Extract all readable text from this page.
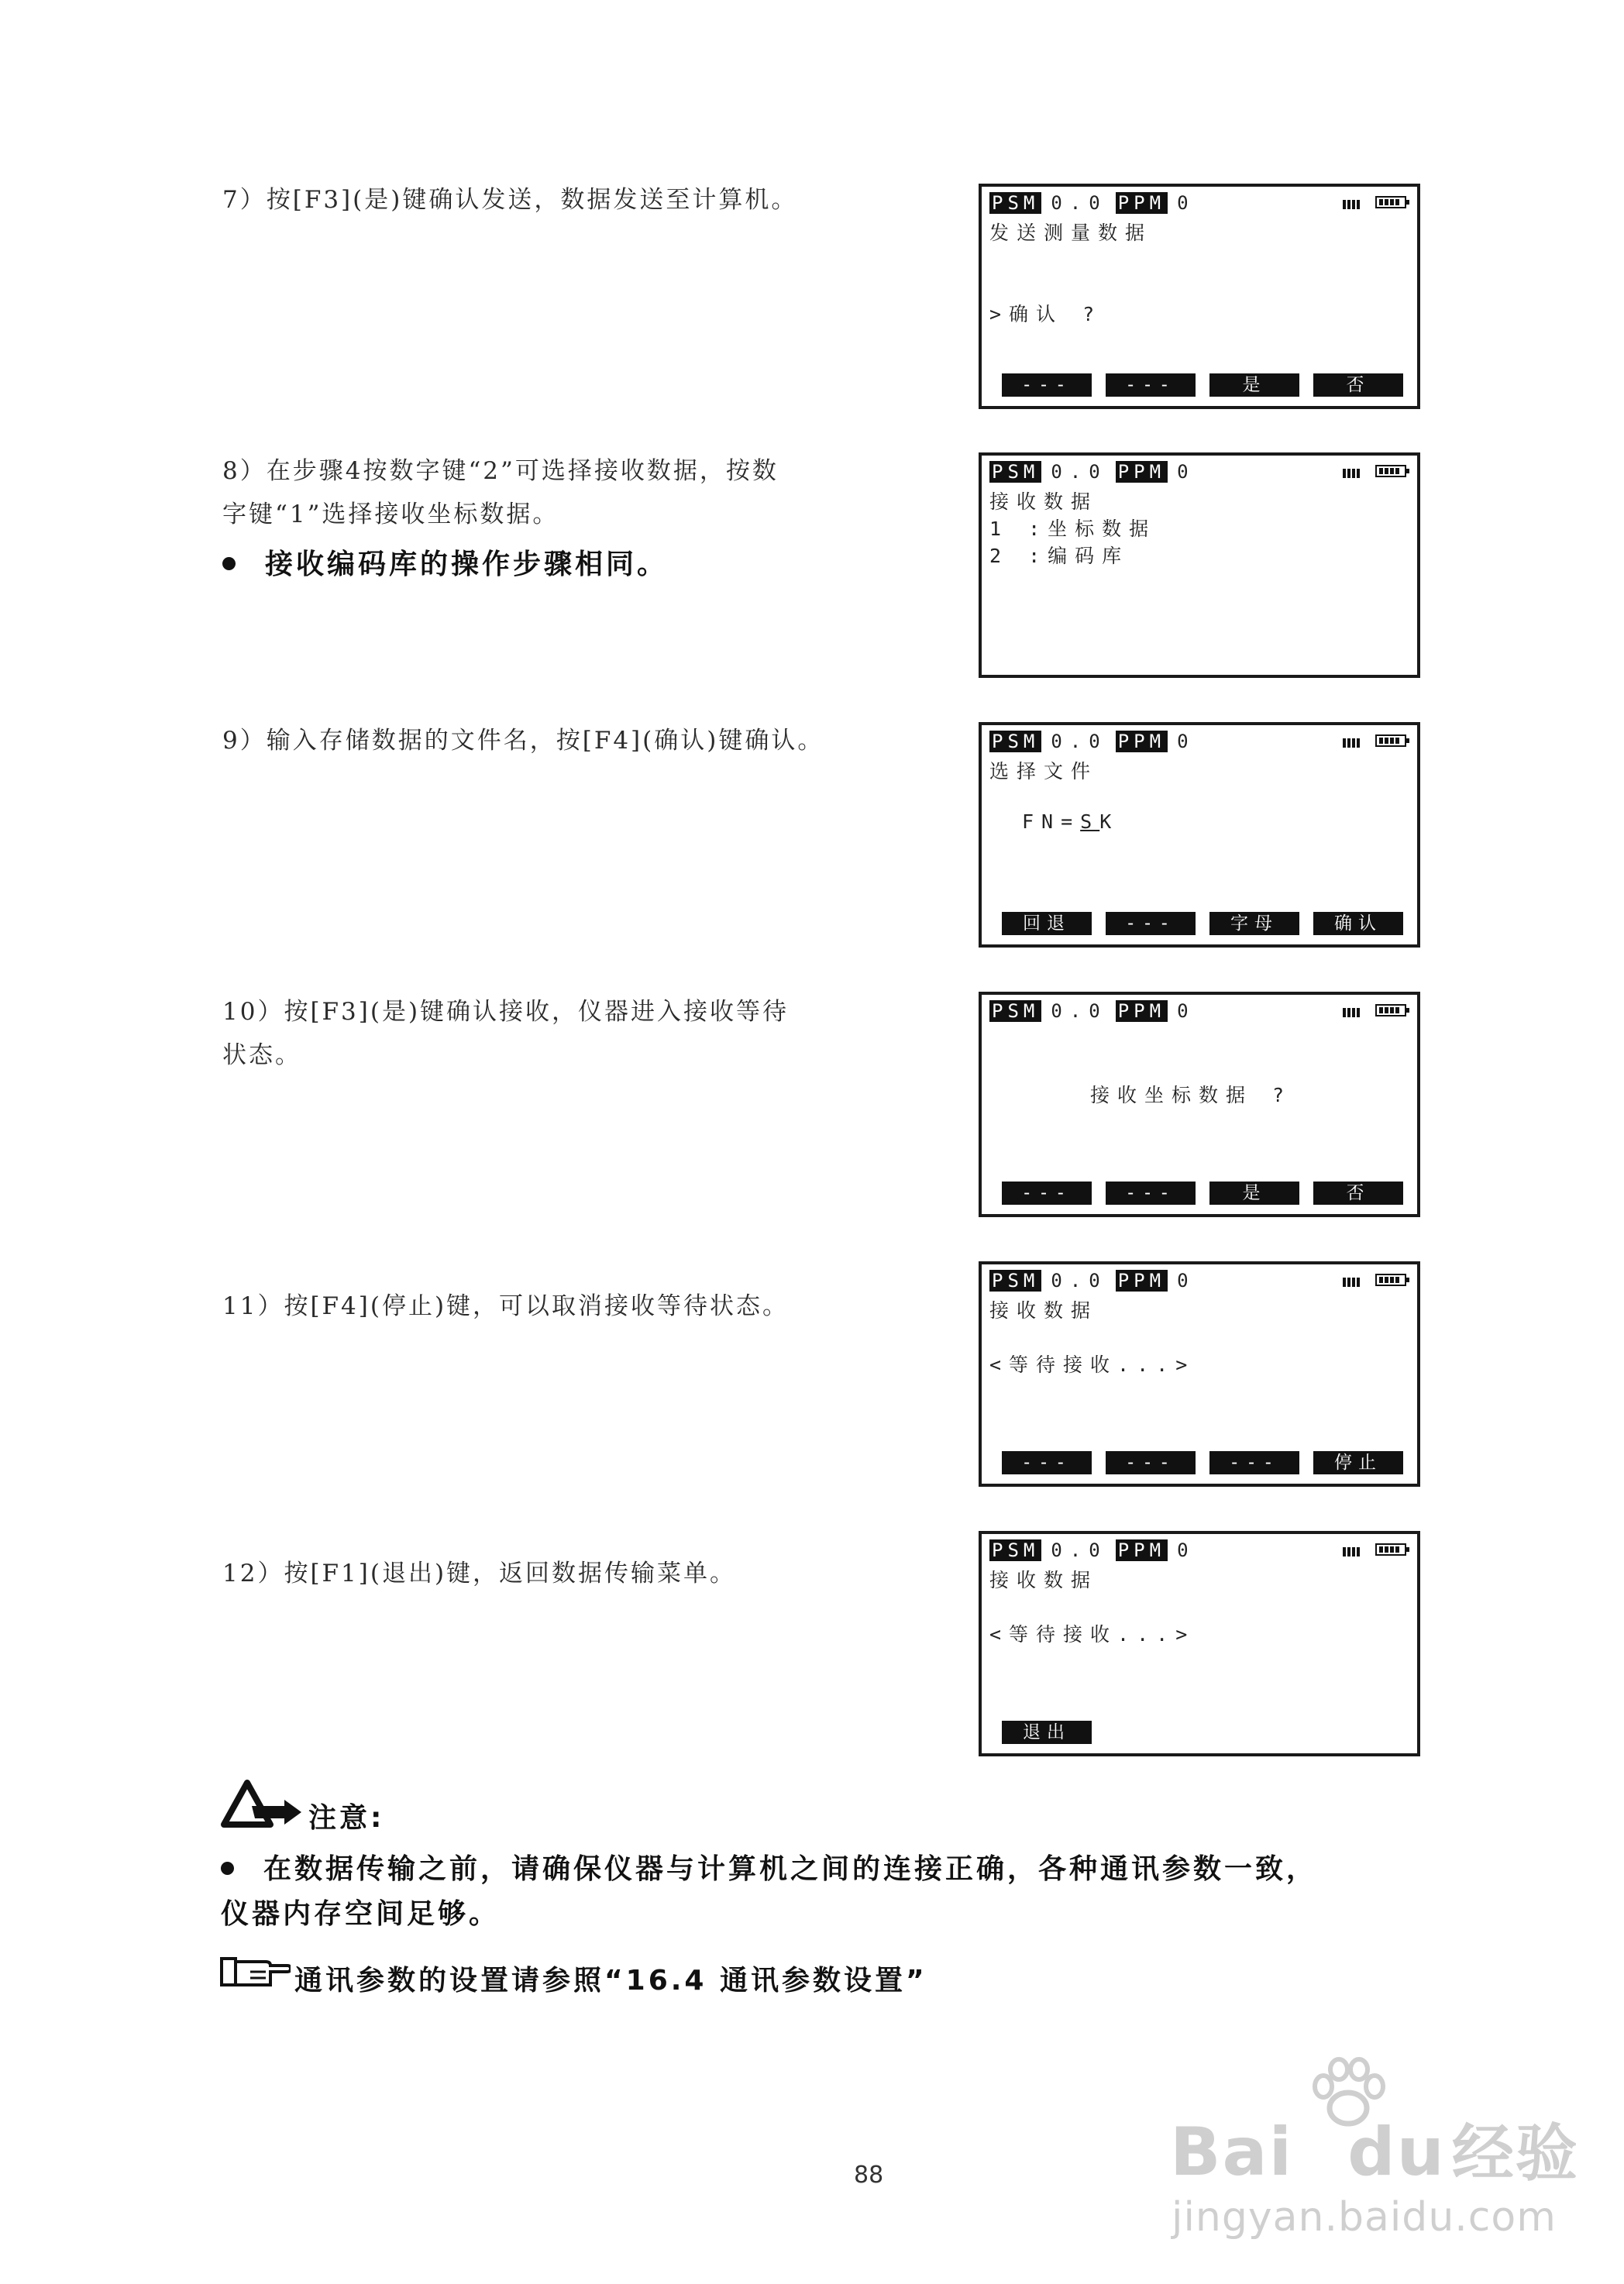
7）按[F3](是)键确认发送，数据发送至计算机。	PSM 0.0 PPM 0
发送测量数据
>确认 ?
---	---	是	否
8）在步骤4按数字键“2”可选择接收数据，按数
字键“1”选择接收坐标数据。
接收编码库的操作步骤相同。
PSM 0.0 PPM 0
接收数据
1 :坐标数据
2 :编码库
9）输入存储数据的文件名，按[F4](确认)键确认。	PSM 0.0 PPM 0
选择文件
FN=SK
回退	---	字母	确认
10）按[F3](是)键确认接收，仪器进入接收等待
状态。
PSM 0.0 PPM 0
接收坐标数据 ?
---	---	是	否
11）按[F4](停止)键，可以取消接收等待状态。
PSM 0.0 PPM 0
接收数据
<等待接收...>
---	---	---	停止
12）按[F1](退出)键，返回数据传输菜单。
PSM 0.0 PPM 0
接收数据
<等待接收...>
退出
注意:
在数据传输之前，请确保仪器与计算机之间的连接正确，各种通讯参数一致，
仪器内存空间足够。
通讯参数的设置请参照“16.4 通讯参数设置”
88	Bai du 经验
jingyan.baidu.com
